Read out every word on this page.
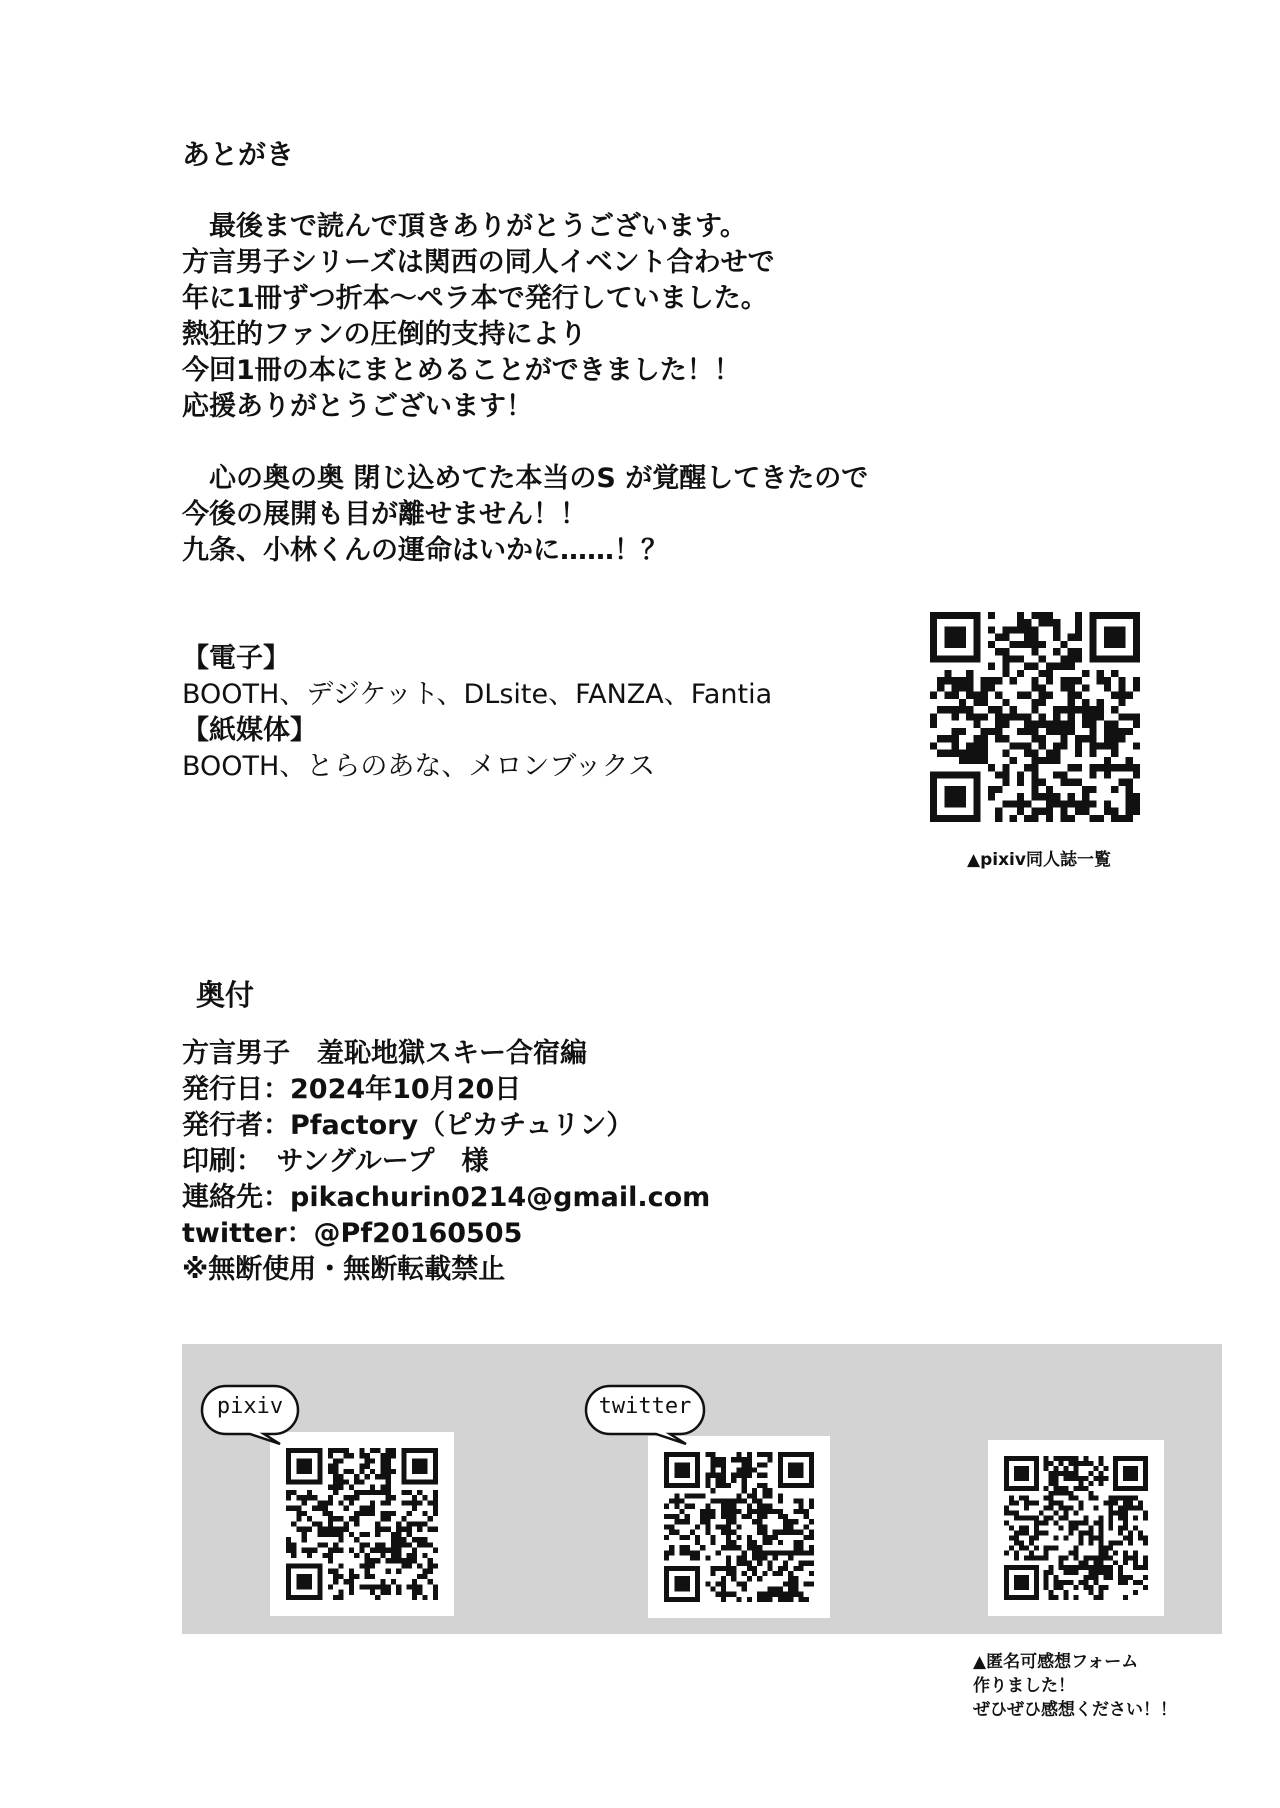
あとがき
　最後まで読んで頂きありがとうございます。
方言男子シリーズは関西の同人イベント合わせで
年に1冊ずつ折本〜ペラ本で発行していました。
熱狂的ファンの圧倒的支持により
今回1冊の本にまとめることができました！！
応援ありがとうございます！
　心の奥の奥 閉じ込めてた本当のS が覚醒してきたので
今後の展開も目が離せません！！
九条、小林くんの運命はいかに……！？
【電子】
BOOTH、デジケット、DLsite、FANZA、Fantia
【紙媒体】
BOOTH、とらのあな、メロンブックス
▲pixiv同人誌一覧
奥付
方言男子　羞恥地獄スキー合宿編
発行日：2024年10月20日
発行者：Pfactory（ピカチュリン）
印刷：　サングループ　様
連絡先：pikachurin0214@gmail.com
twitter：@Pf20160505
※無断使用・無断転載禁止
pixiv	twitter
▲匿名可感想フォーム
作りました！
ぜひぜひ感想ください！！
